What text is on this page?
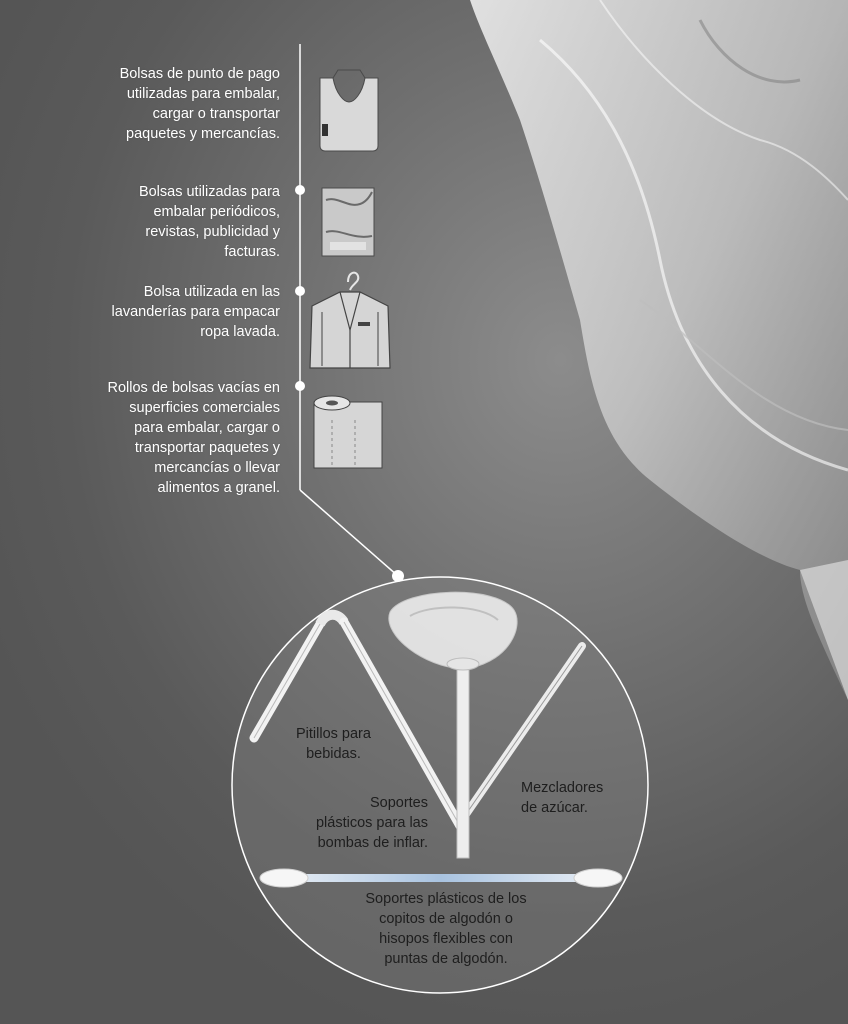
Bolsas de punto de pago
utilizadas para embalar,
cargar o transportar
paquetes y mercancías.
Bolsas utilizadas para
embalar periódicos,
revistas, publicidad y
facturas.
Bolsa utilizada en las
lavanderías para empacar
ropa lavada.
Rollos de bolsas vacías en
superficies comerciales
para embalar, cargar o
transportar paquetes y
mercancías o llevar
alimentos a granel.
Pitillos para
bebidas.
Mezcladores
de azúcar.
Soportes
plásticos para las
bombas de inflar.
Soportes plásticos de los
copitos de algodón o
hisopos flexibles con
puntas de algodón.
